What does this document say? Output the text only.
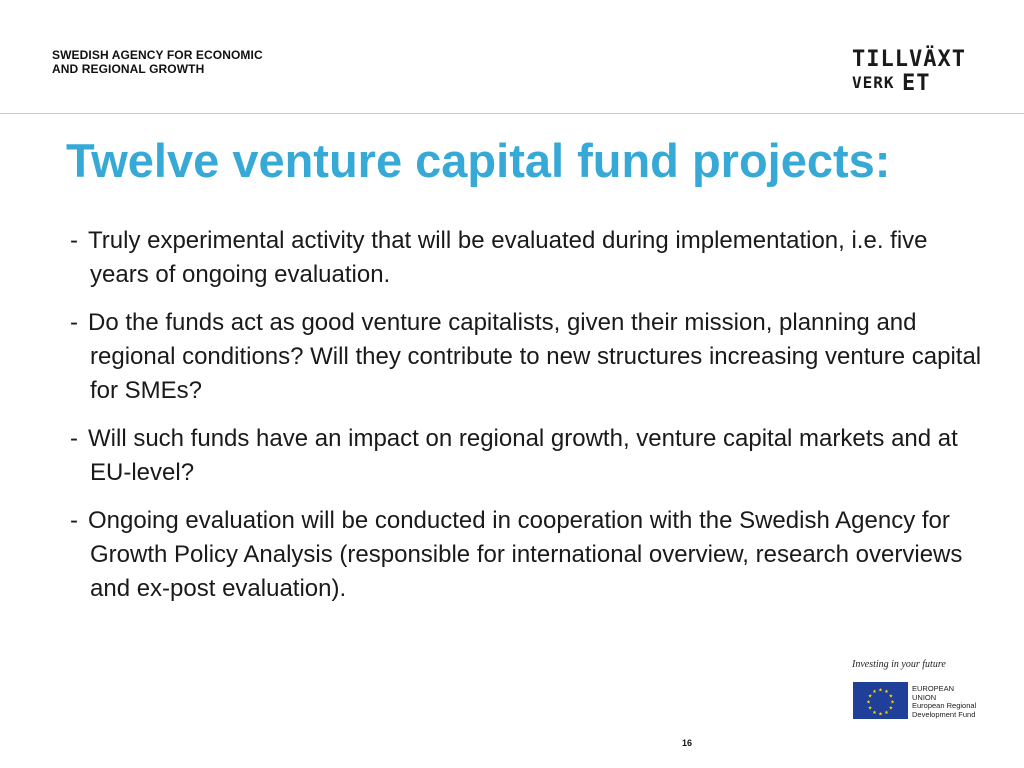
SWEDISH AGENCY FOR ECONOMIC
AND REGIONAL GROWTH	TILLVÄXT
VERK ET
Twelve venture capital fund projects:
- Truly experimental activity that will be evaluated during implementation, i.e. five years of ongoing evaluation.
- Do the funds act as good venture capitalists, given their mission, planning and regional conditions? Will they contribute to new structures increasing venture capital for SMEs?
- Will such funds have an impact on regional growth, venture capital markets and at EU-level?
- Ongoing evaluation will be conducted in cooperation with the Swedish Agency for Growth Policy Analysis (responsible for international overview, research overviews and ex-post evaluation).
Investing in your future
★ ★
★
★
★
★
★
★
★
★
★
★	EUROPEAN
UNION
European Regional
Development Fund
16
